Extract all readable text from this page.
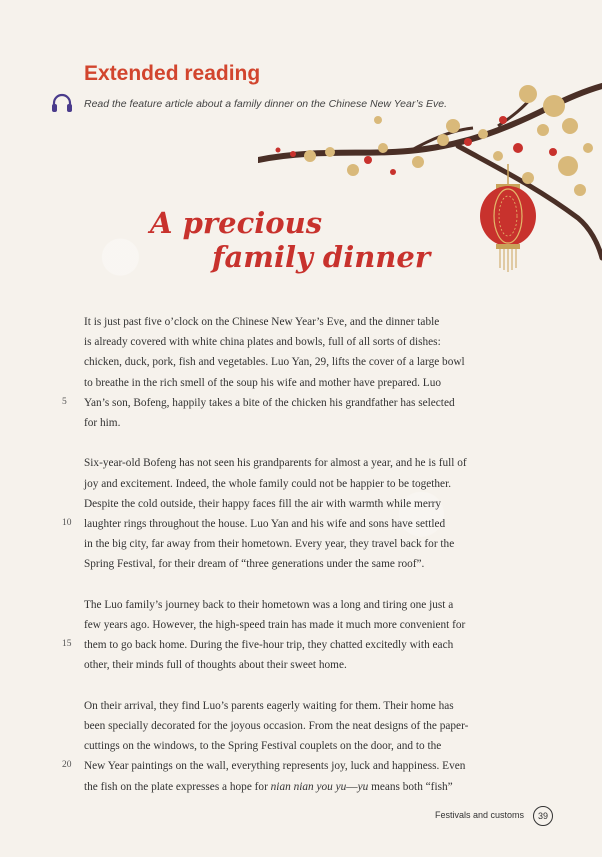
Extended reading
Read the feature article about a family dinner on the Chinese New Year’s Eve.
A precious
family dinner

It is just past five o’clock on the Chinese New Year’s Eve, and the dinner table
is already covered with white china plates and bowls, full of all sorts of dishes:
chicken, duck, pork, fish and vegetables. Luo Yan, 29, lifts the cover of a large bowl
to breathe in the rich smell of the soup his wife and mother have prepared. Luo
Yan’s son, Bofeng, happily takes a bite of the chicken his grandfather has selected
for him.

Six-year-old Bofeng has not seen his grandparents for almost a year, and he is full of
joy and excitement. Indeed, the whole family could not be happier to be together.
Despite the cold outside, their happy faces fill the air with warmth while merry
laughter rings throughout the house. Luo Yan and his wife and sons have settled
in the big city, far away from their hometown. Every year, they travel back for the
Spring Festival, for their dream of “three generations under the same roof”.

The Luo family’s journey back to their hometown was a long and tiring one just a
few years ago. However, the high-speed train has made it much more convenient for
them to go back home. During the five-hour trip, they chatted excitedly with each
other, their minds full of thoughts about their sweet home.

On their arrival, they find Luo’s parents eagerly waiting for them. Their home has
been specially decorated for the joyous occasion. From the neat designs of the paper-
cuttings on the windows, to the Spring Festival couplets on the door, and to the
New Year paintings on the wall, everything represents joy, luck and happiness. Even
the fish on the plate expresses a hope for nian nian you yu—yu means both “fish”

5
10
15
20
Festivals and customs	39
